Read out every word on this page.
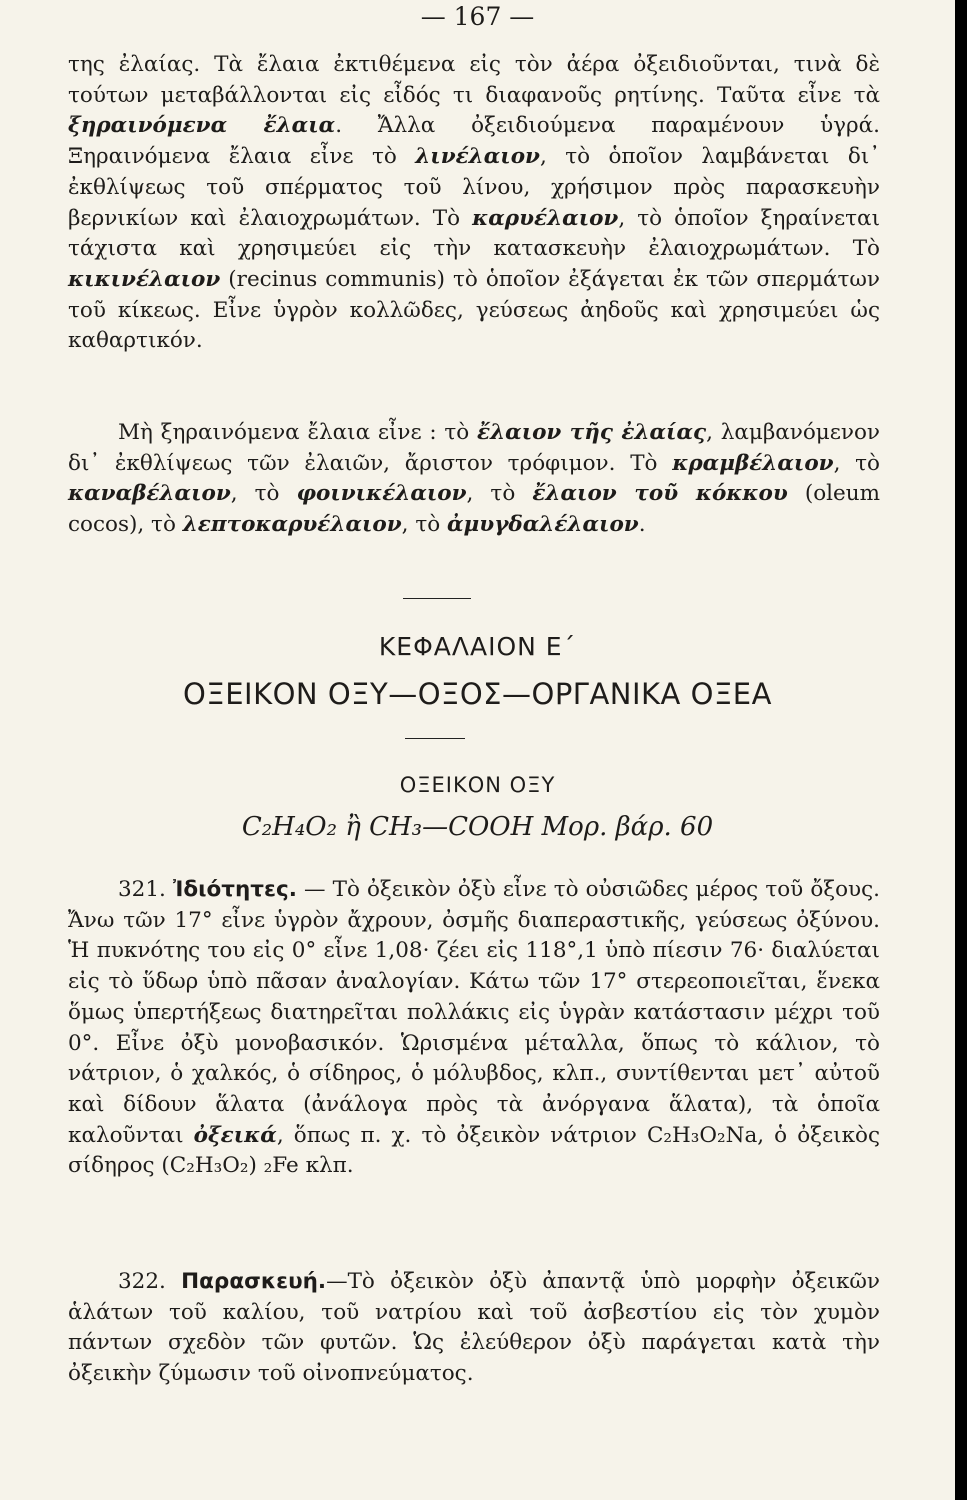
— 167 —
της ἐλαίας. Τὰ ἔλαια ἐκτιθέμενα εἰς τὸν ἀέρα ὀξειδιοῦνται, τινὰ δὲ τούτων μεταβάλλονται εἰς εἶδός τι διαφανοῦς ρητίνης. Ταῦτα εἶνε τὰ ξηραινόμενα ἔλαια. Ἄλλα ὀξειδιούμενα παραμένουν ὑγρά. Ξηραινόμενα ἔλαια εἶνε τὸ λινέλαιον, τὸ ὁποῖον λαμβάνεται δι᾽ ἐκθλίψεως τοῦ σπέρματος τοῦ λίνου, χρήσιμον πρὸς παρασκευὴν βερνικίων καὶ ἐλαιοχρωμάτων. Τὸ καρυέλαιον, τὸ ὁποῖον ξηραίνεται τάχιστα καὶ χρησιμεύει εἰς τὴν κατασκευὴν ἐλαιοχρωμάτων. Τὸ κικινέλαιον (recinus communis) τὸ ὁποῖον ἐξάγεται ἐκ τῶν σπερμάτων τοῦ κίκεως. Εἶνε ὑγρὸν κολλῶδες, γεύσεως ἀηδοῦς καὶ χρησιμεύει ὡς καθαρτικόν.
Μὴ ξηραινόμενα ἔλαια εἶνε : τὸ ἔλαιον τῆς ἐλαίας, λαμβανόμενον δι᾽ ἐκθλίψεως τῶν ἐλαιῶν, ἄριστον τρόφιμον. Τὸ κραμβέλαιον, τὸ καναβέλαιον, τὸ φοινικέλαιον, τὸ ἔλαιον τοῦ κόκκου (oleum cocos), τὸ λεπτοκαρυέλαιον, τὸ ἀμυγδαλέλαιον.
ΚΕΦΑΛΑΙΟΝ Ε΄
ΟΞΕΙΚΟΝ ΟΞΥ—ΟΞΟΣ—ΟΡΓΑΝΙΚΑ ΟΞΕΑ
ΟΞΕΙΚΟΝ ΟΞΥ
C₂H₄O₂ ἢ CH₃—COOH Μορ. βάρ. 60
321. Ἰδιότητες. — Τὸ ὀξεικὸν ὀξὺ εἶνε τὸ οὐσιῶδες μέρος τοῦ ὄξους. Ἄνω τῶν 17° εἶνε ὑγρὸν ἄχρουν, ὀσμῆς διαπεραστικῆς, γεύσεως ὀξύνου. Ἡ πυκνότης του εἰς 0° εἶνε 1,08· ζέει εἰς 118°,1 ὑπὸ πίεσιν 76· διαλύεται εἰς τὸ ὕδωρ ὑπὸ πᾶσαν ἀναλογίαν. Κάτω τῶν 17° στερεοποιεῖται, ἕνεκα ὅμως ὑπερτήξεως διατηρεῖται πολλάκις εἰς ὑγρὰν κατάστασιν μέχρι τοῦ 0°. Εἶνε ὀξὺ μονοβασικόν. Ὡρισμένα μέταλλα, ὅπως τὸ κάλιον, τὸ νάτριον, ὁ χαλκός, ὁ σίδηρος, ὁ μόλυβδος, κλπ., συντίθενται μετ᾽ αὐτοῦ καὶ δίδουν ἅλατα (ἀνάλογα πρὸς τὰ ἀνόργανα ἅλατα), τὰ ὁποῖα καλοῦνται ὀξεικά, ὅπως π. χ. τὸ ὀξεικὸν νάτριον C₂H₃O₂Na, ὁ ὀξεικὸς σίδηρος (C₂H₃O₂) ₂Fe κλπ.
322. Παρασκευή.—Τὸ ὀξεικὸν ὀξὺ ἀπαντᾷ ὑπὸ μορφὴν ὀξεικῶν ἁλάτων τοῦ καλίου, τοῦ νατρίου καὶ τοῦ ἀσβεστίου εἰς τὸν χυμὸν πάντων σχεδὸν τῶν φυτῶν. Ὡς ἐλεύθερον ὀξὺ παράγεται κατὰ τὴν ὀξεικὴν ζύμωσιν τοῦ οἰνοπνεύματος.
